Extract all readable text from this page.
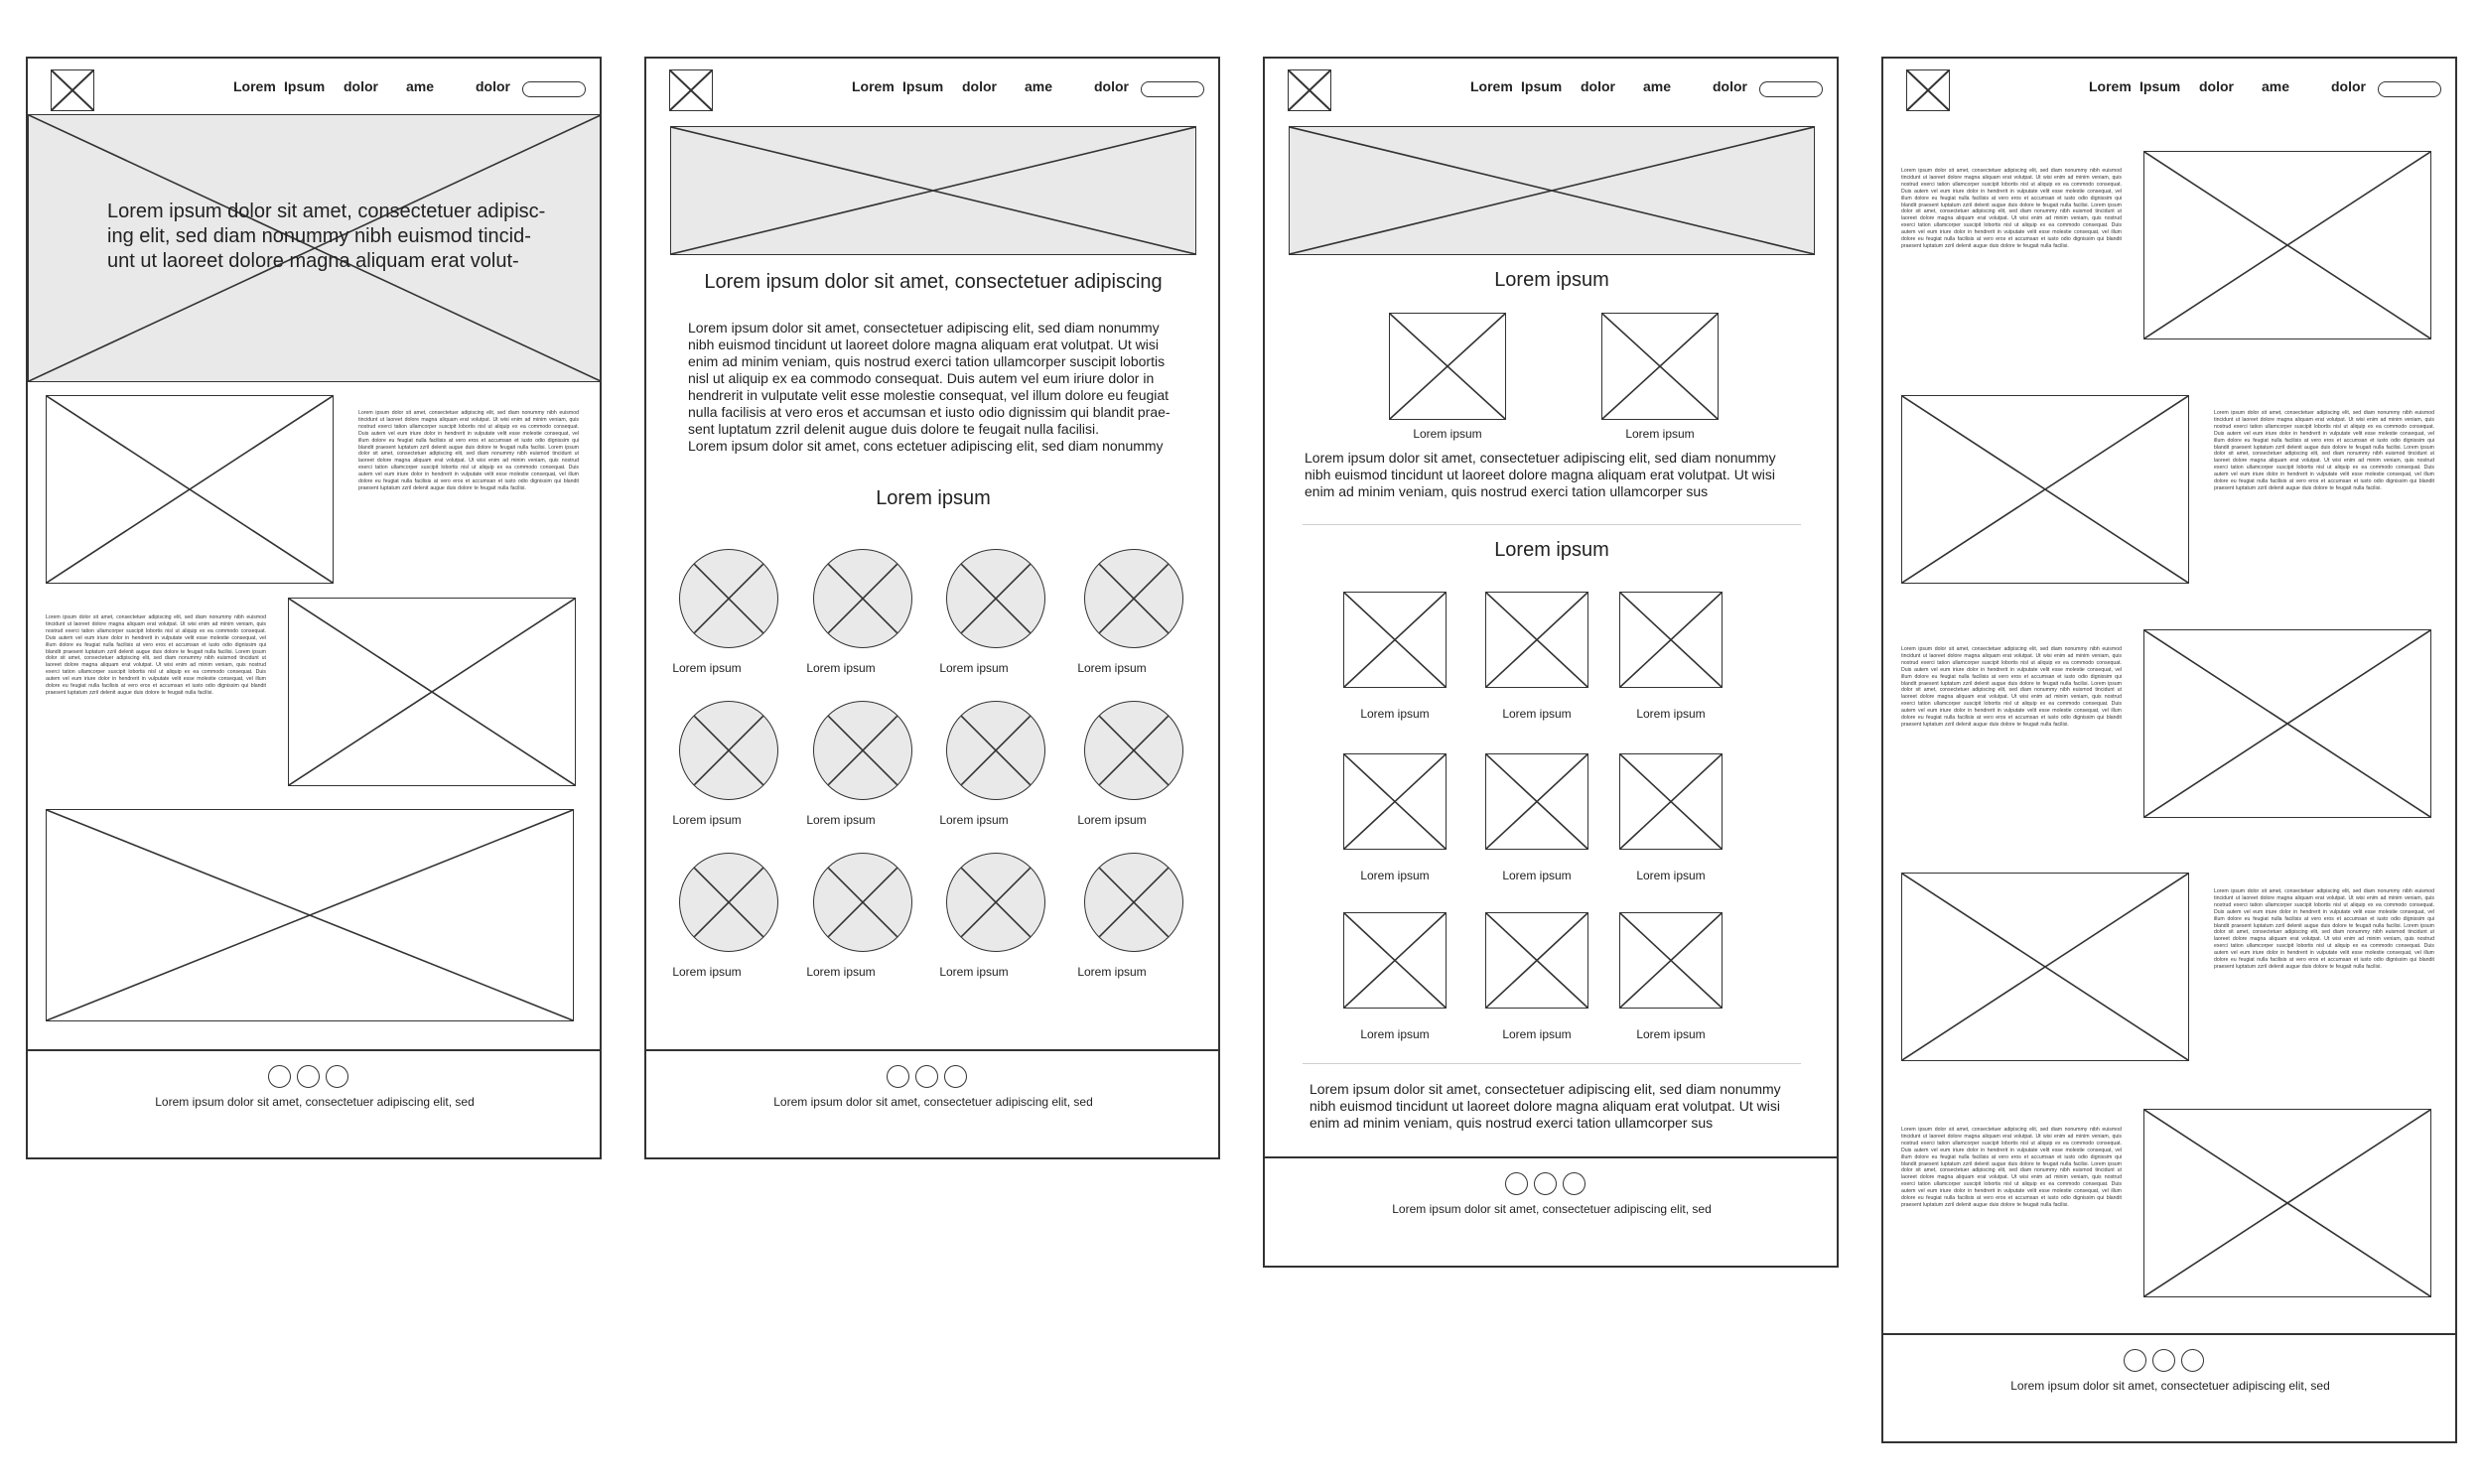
Lorem Ipsum dolor ame	dolor

Lorem ipsum dolor sit amet, consectetuer adipisc-
ing elit, sed diam nonummy nibh euismod tincid-
unt ut laoreet dolore magna aliquam erat volut-

Lorem ipsum dolor sit amet, consectetuer adipiscing elit, sed diam nonummy nibh euismod tincidunt ut laoreet dolore magna aliquam erat volutpat. Ut wisi enim ad minim veniam, quis nostrud exerci tation ullamcorper suscipit lobortis nisl ut aliquip ex ea commodo consequat. Duis autem vel eum iriure dolor in hendrerit in vulputate velit esse molestie consequat, vel illum dolore eu feugiat nulla facilisis at vero eros et accumsan et iusto odio dignissim qui blandit praesent luptatum zzril delenit augue duis dolore te feugait nulla facilisi. Lorem ipsum dolor sit amet, consectetuer adipiscing elit, sed diam nonummy nibh euismod tincidunt ut laoreet dolore magna aliquam erat volutpat. Ut wisi enim ad minim veniam, quis nostrud exerci tation ullamcorper suscipit lobortis nisl ut aliquip ex ea commodo consequat. Duis autem vel eum iriure dolor in hendrerit in vulputate velit esse molestie consequat, vel illum dolore eu feugiat nulla facilisis at vero eros et accumsan et iusto odio dignissim qui blandit praesent luptatum zzril delenit augue duis dolore te feugait nulla facilisi.

Lorem ipsum dolor sit amet, consectetuer adipiscing elit, sed diam nonummy nibh euismod tincidunt ut laoreet dolore magna aliquam erat volutpat. Ut wisi enim ad minim veniam, quis nostrud exerci tation ullamcorper suscipit lobortis nisl ut aliquip ex ea commodo consequat. Duis autem vel eum iriure dolor in hendrerit in vulputate velit esse molestie consequat, vel illum dolore eu feugiat nulla facilisis at vero eros et accumsan et iusto odio dignissim qui blandit praesent luptatum zzril delenit augue duis dolore te feugait nulla facilisi. Lorem ipsum dolor sit amet, consectetuer adipiscing elit, sed diam nonummy nibh euismod tincidunt ut laoreet dolore magna aliquam erat volutpat. Ut wisi enim ad minim veniam, quis nostrud exerci tation ullamcorper suscipit lobortis nisl ut aliquip ex ea commodo consequat. Duis autem vel eum iriure dolor in hendrerit in vulputate velit esse molestie consequat, vel illum dolore eu feugiat nulla facilisis at vero eros et accumsan et iusto odio dignissim qui blandit praesent luptatum zzril delenit augue duis dolore te feugait nulla facilisi.

Lorem ipsum dolor sit amet, consectetuer adipiscing elit, sed
Lorem Ipsum dolor ame	dolor
Lorem ipsum dolor sit amet, consectetuer adipiscing

Lorem ipsum dolor sit amet, consectetuer adipiscing elit, sed diam nonummy
nibh euismod tincidunt ut laoreet dolore magna aliquam erat volutpat. Ut wisi
enim ad minim veniam, quis nostrud exerci tation ullamcorper suscipit lobortis
nisl ut aliquip ex ea commodo consequat. Duis autem vel eum iriure dolor in
hendrerit in vulputate velit esse molestie consequat, vel illum dolore eu feugiat
nulla facilisis at vero eros et accumsan et iusto odio dignissim qui blandit prae-
sent luptatum zzril delenit augue duis dolore te feugait nulla facilisi.
Lorem ipsum dolor sit amet, cons ectetuer adipiscing elit, sed diam nonummy

Lorem ipsum
Lorem ipsum dolor sit amet, consectetuer adipiscing elit, sed
Lorem ipsum	Lorem ipsum	Lorem ipsum	Lorem ipsum
Lorem ipsum	Lorem ipsum	Lorem ipsum	Lorem ipsum
Lorem ipsum	Lorem ipsum	Lorem ipsum	Lorem ipsum
Lorem Ipsum dolor ame	dolor
Lorem ipsum
Lorem ipsum	Lorem ipsum

Lorem ipsum dolor sit amet, consectetuer adipiscing elit, sed diam nonummy
nibh euismod tincidunt ut laoreet dolore magna aliquam erat volutpat. Ut wisi
enim ad minim veniam, quis nostrud exerci tation ullamcorper sus

Lorem ipsum

Lorem ipsum dolor sit amet, consectetuer adipiscing elit, sed diam nonummy
nibh euismod tincidunt ut laoreet dolore magna aliquam erat volutpat. Ut wisi
enim ad minim veniam, quis nostrud exerci tation ullamcorper sus

Lorem ipsum dolor sit amet, consectetuer adipiscing elit, sed
Lorem ipsum	Lorem ipsum	Lorem ipsum
Lorem ipsum	Lorem ipsum	Lorem ipsum
Lorem ipsum	Lorem ipsum	Lorem ipsum
Lorem Ipsum dolor ame	dolor

Lorem ipsum dolor sit amet, consectetuer adipiscing elit, sed diam nonummy nibh euismod tincidunt ut laoreet dolore magna aliquam erat volutpat. Ut wisi enim ad minim veniam, quis nostrud exerci tation ullamcorper suscipit lobortis nisl ut aliquip ex ea commodo consequat. Duis autem vel eum iriure dolor in hendrerit in vulputate velit esse molestie consequat, vel illum dolore eu feugiat nulla facilisis at vero eros et accumsan et iusto odio dignissim qui blandit praesent luptatum zzril delenit augue duis dolore te feugait nulla facilisi. Lorem ipsum dolor sit amet, consectetuer adipiscing elit, sed diam nonummy nibh euismod tincidunt ut laoreet dolore magna aliquam erat volutpat. Ut wisi enim ad minim veniam, quis nostrud exerci tation ullamcorper suscipit lobortis nisl ut aliquip ex ea commodo consequat. Duis autem vel eum iriure dolor in hendrerit in vulputate velit esse molestie consequat, vel illum dolore eu feugiat nulla facilisis at vero eros et accumsan et iusto odio dignissim qui blandit praesent luptatum zzril delenit augue duis dolore te feugait nulla facilisi.

Lorem ipsum dolor sit amet, consectetuer adipiscing elit, sed diam nonummy nibh euismod tincidunt ut laoreet dolore magna aliquam erat volutpat. Ut wisi enim ad minim veniam, quis nostrud exerci tation ullamcorper suscipit lobortis nisl ut aliquip ex ea commodo consequat. Duis autem vel eum iriure dolor in hendrerit in vulputate velit esse molestie consequat, vel illum dolore eu feugiat nulla facilisis at vero eros et accumsan et iusto odio dignissim qui blandit praesent luptatum zzril delenit augue duis dolore te feugait nulla facilisi. Lorem ipsum dolor sit amet, consectetuer adipiscing elit, sed diam nonummy nibh euismod tincidunt ut laoreet dolore magna aliquam erat volutpat. Ut wisi enim ad minim veniam, quis nostrud exerci tation ullamcorper suscipit lobortis nisl ut aliquip ex ea commodo consequat. Duis autem vel eum iriure dolor in hendrerit in vulputate velit esse molestie consequat, vel illum dolore eu feugiat nulla facilisis at vero eros et accumsan et iusto odio dignissim qui blandit praesent luptatum zzril delenit augue duis dolore te feugait nulla facilisi.

Lorem ipsum dolor sit amet, consectetuer adipiscing elit, sed diam nonummy nibh euismod tincidunt ut laoreet dolore magna aliquam erat volutpat. Ut wisi enim ad minim veniam, quis nostrud exerci tation ullamcorper suscipit lobortis nisl ut aliquip ex ea commodo consequat. Duis autem vel eum iriure dolor in hendrerit in vulputate velit esse molestie consequat, vel illum dolore eu feugiat nulla facilisis at vero eros et accumsan et iusto odio dignissim qui blandit praesent luptatum zzril delenit augue duis dolore te feugait nulla facilisi. Lorem ipsum dolor sit amet, consectetuer adipiscing elit, sed diam nonummy nibh euismod tincidunt ut laoreet dolore magna aliquam erat volutpat. Ut wisi enim ad minim veniam, quis nostrud exerci tation ullamcorper suscipit lobortis nisl ut aliquip ex ea commodo consequat. Duis autem vel eum iriure dolor in hendrerit in vulputate velit esse molestie consequat, vel illum dolore eu feugiat nulla facilisis at vero eros et accumsan et iusto odio dignissim qui blandit praesent luptatum zzril delenit augue duis dolore te feugait nulla facilisi.

Lorem ipsum dolor sit amet, consectetuer adipiscing elit, sed diam nonummy nibh euismod tincidunt ut laoreet dolore magna aliquam erat volutpat. Ut wisi enim ad minim veniam, quis nostrud exerci tation ullamcorper suscipit lobortis nisl ut aliquip ex ea commodo consequat. Duis autem vel eum iriure dolor in hendrerit in vulputate velit esse molestie consequat, vel illum dolore eu feugiat nulla facilisis at vero eros et accumsan et iusto odio dignissim qui blandit praesent luptatum zzril delenit augue duis dolore te feugait nulla facilisi. Lorem ipsum dolor sit amet, consectetuer adipiscing elit, sed diam nonummy nibh euismod tincidunt ut laoreet dolore magna aliquam erat volutpat. Ut wisi enim ad minim veniam, quis nostrud exerci tation ullamcorper suscipit lobortis nisl ut aliquip ex ea commodo consequat. Duis autem vel eum iriure dolor in hendrerit in vulputate velit esse molestie consequat, vel illum dolore eu feugiat nulla facilisis at vero eros et accumsan et iusto odio dignissim qui blandit praesent luptatum zzril delenit augue duis dolore te feugait nulla facilisi.

Lorem ipsum dolor sit amet, consectetuer adipiscing elit, sed diam nonummy nibh euismod tincidunt ut laoreet dolore magna aliquam erat volutpat. Ut wisi enim ad minim veniam, quis nostrud exerci tation ullamcorper suscipit lobortis nisl ut aliquip ex ea commodo consequat. Duis autem vel eum iriure dolor in hendrerit in vulputate velit esse molestie consequat, vel illum dolore eu feugiat nulla facilisis at vero eros et accumsan et iusto odio dignissim qui blandit praesent luptatum zzril delenit augue duis dolore te feugait nulla facilisi. Lorem ipsum dolor sit amet, consectetuer adipiscing elit, sed diam nonummy nibh euismod tincidunt ut laoreet dolore magna aliquam erat volutpat. Ut wisi enim ad minim veniam, quis nostrud exerci tation ullamcorper suscipit lobortis nisl ut aliquip ex ea commodo consequat. Duis autem vel eum iriure dolor in hendrerit in vulputate velit esse molestie consequat, vel illum dolore eu feugiat nulla facilisis at vero eros et accumsan et iusto odio dignissim qui blandit praesent luptatum zzril delenit augue duis dolore te feugait nulla facilisi.

Lorem ipsum dolor sit amet, consectetuer adipiscing elit, sed
